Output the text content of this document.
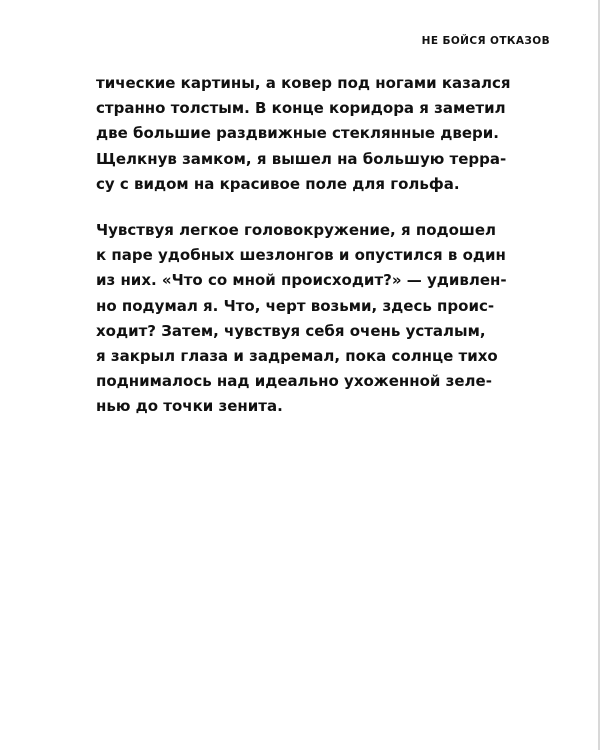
НЕ БОЙСЯ ОТКАЗОВ
тические картины, а ковер под ногами казался
странно толстым. В конце коридора я заметил
две большие раздвижные стеклянные двери.
Щелкнув замком, я вышел на большую терра-
су с видом на красивое поле для гольфа.
Чувствуя легкое головокружение, я подошел
к паре удобных шезлонгов и опустился в один
из них. «Что со мной происходит?» — удивлен-
но подумал я. Что, черт возьми, здесь проис-
ходит? Затем, чувствуя себя очень усталым,
я закрыл глаза и задремал, пока солнце тихо
поднималось над идеально ухоженной зеле-
нью до точки зенита.
